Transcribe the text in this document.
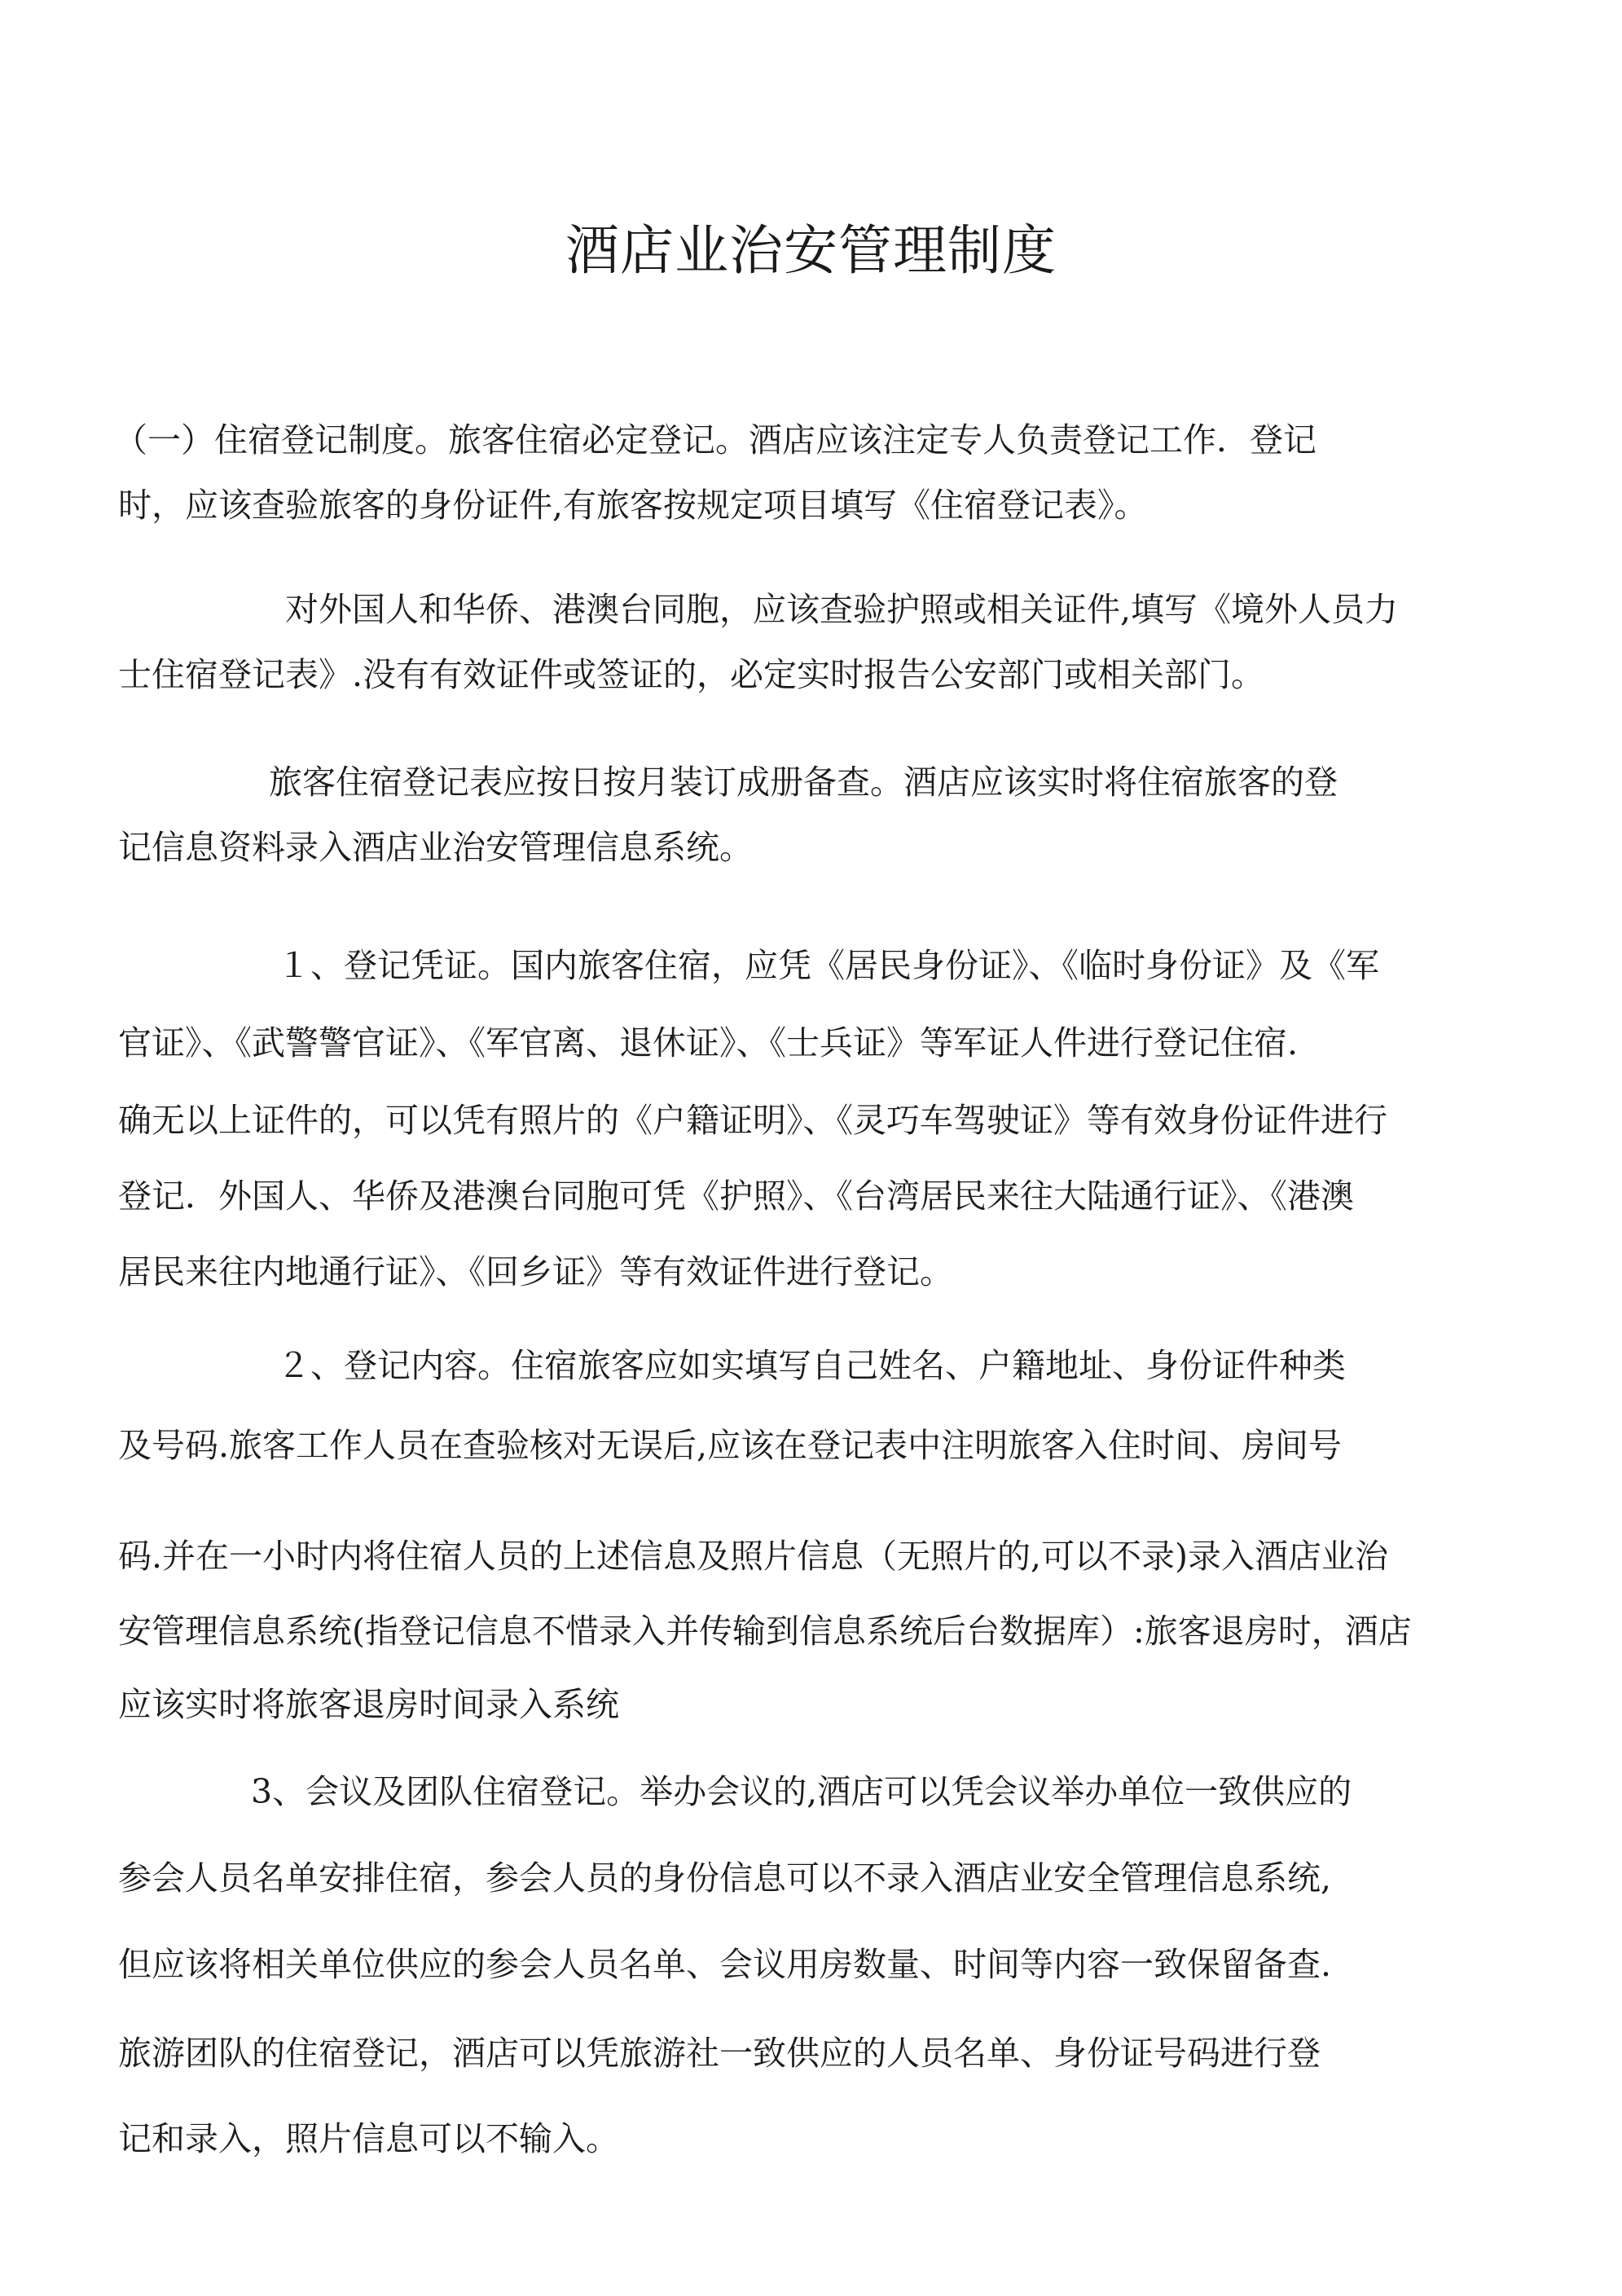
酒店业治安管理制度

（一）住宿登记制度。旅客住宿必定登记。酒店应该注定专人负责登记工作．登记

时，应该查验旅客的身份证件,有旅客按规定项目填写《住宿登记表》。

对外国人和华侨、港澳台同胞，应该查验护照或相关证件,填写《境外人员力

士住宿登记表》.没有有效证件或签证的，必定实时报告公安部门或相关部门。

旅客住宿登记表应按日按月装订成册备查。酒店应该实时将住宿旅客的登

记信息资料录入酒店业治安管理信息系统。

１、登记凭证。国内旅客住宿，应凭《居民身份证》、《临时身份证》及《军

官证》、《武警警官证》、《军官离、退休证》、《士兵证》等军证人件进行登记住宿.

确无以上证件的，可以凭有照片的《户籍证明》、《灵巧车驾驶证》等有效身份证件进行

登记．外国人、华侨及港澳台同胞可凭《护照》、《台湾居民来往大陆通行证》、《港澳

居民来往内地通行证》、《回乡证》等有效证件进行登记。

２、登记内容。住宿旅客应如实填写自己姓名、户籍地址、身份证件种类

及号码.旅客工作人员在查验核对无误后,应该在登记表中注明旅客入住时间、房间号

码.并在一小时内将住宿人员的上述信息及照片信息（无照片的,可以不录)录入酒店业治

安管理信息系统(指登记信息不惜录入并传输到信息系统后台数据库）:旅客退房时，酒店

应该实时将旅客退房时间录入系统

3、会议及团队住宿登记。举办会议的,酒店可以凭会议举办单位一致供应的

参会人员名单安排住宿，参会人员的身份信息可以不录入酒店业安全管理信息系统,

但应该将相关单位供应的参会人员名单、会议用房数量、时间等内容一致保留备查.

旅游团队的住宿登记，酒店可以凭旅游社一致供应的人员名单、身份证号码进行登

记和录入，照片信息可以不输入。
